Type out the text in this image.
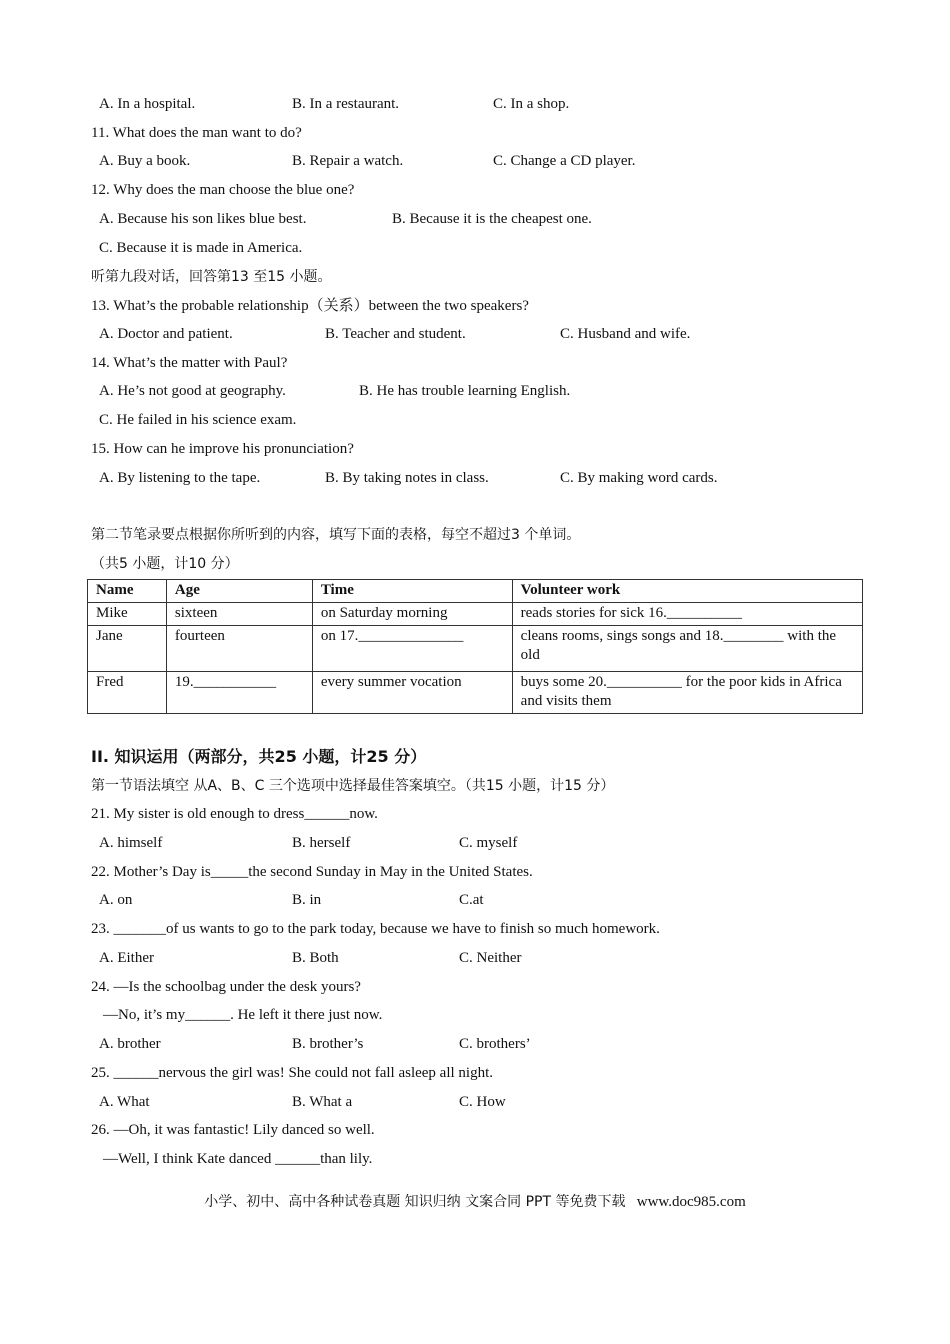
A. In a hospital.	B. In a restaurant.	C. In a shop.
11. What does the man want to do?
A. Buy a book.	B. Repair a watch.	C. Change a CD player.
12. Why does the man choose the blue one?
A. Because his son likes blue best.	B. Because it is the cheapest one.
C. Because it is made in America.
听第九段对话，回答第13 至15 小题。
13. What’s the probable relationship（关系）between the two speakers?
A. Doctor and patient.	B. Teacher and student.	C. Husband and wife.
14. What’s the matter with Paul?
A. He’s not good at geography.	B. He has trouble learning English.
C. He failed in his science exam.
15. How can he improve his pronunciation?
A. By listening to the tape.	B. By taking notes in class.	C. By making word cards.
第二节笔录要点根据你所听到的内容，填写下面的表格，每空不超过3 个单词。
（共5 小题，计10 分）
Name	Age	Time	Volunteer work
Mike	sixteen	on Saturday morning	reads stories for sick 16.__________
Jane	fourteen	on 17.______________	cleans rooms, sings songs and 18.________ with the old
Fred	19.___________	every summer vocation	buys some 20.__________ for the poor kids in Africa and visits them
II. 知识运用（两部分，共25 小题，计25 分）
第一节语法填空 从A、B、C 三个选项中选择最佳答案填空。（共15 小题，计15 分）
21. My sister is old enough to dress______now.
A. himself	B. herself	C. myself
22. Mother’s Day is_____the second Sunday in May in the United States.
A. on	B. in	C.at
23. _______of us wants to go to the park today, because we have to finish so much homework.
A. Either	B. Both	C. Neither
24. —Is the schoolbag under the desk yours?
—No, it’s my______. He left it there just now.
A. brother	B. brother’s	C. brothers’
25. ______nervous the girl was! She could not fall asleep all night.
A. What	B. What a	C. How
26. —Oh, it was fantastic! Lily danced so well.
—Well, I think Kate danced ______than lily.
小学、初中、高中各种试卷真题 知识归纳 文案合同 PPT 等免费下载 www.doc985.com
